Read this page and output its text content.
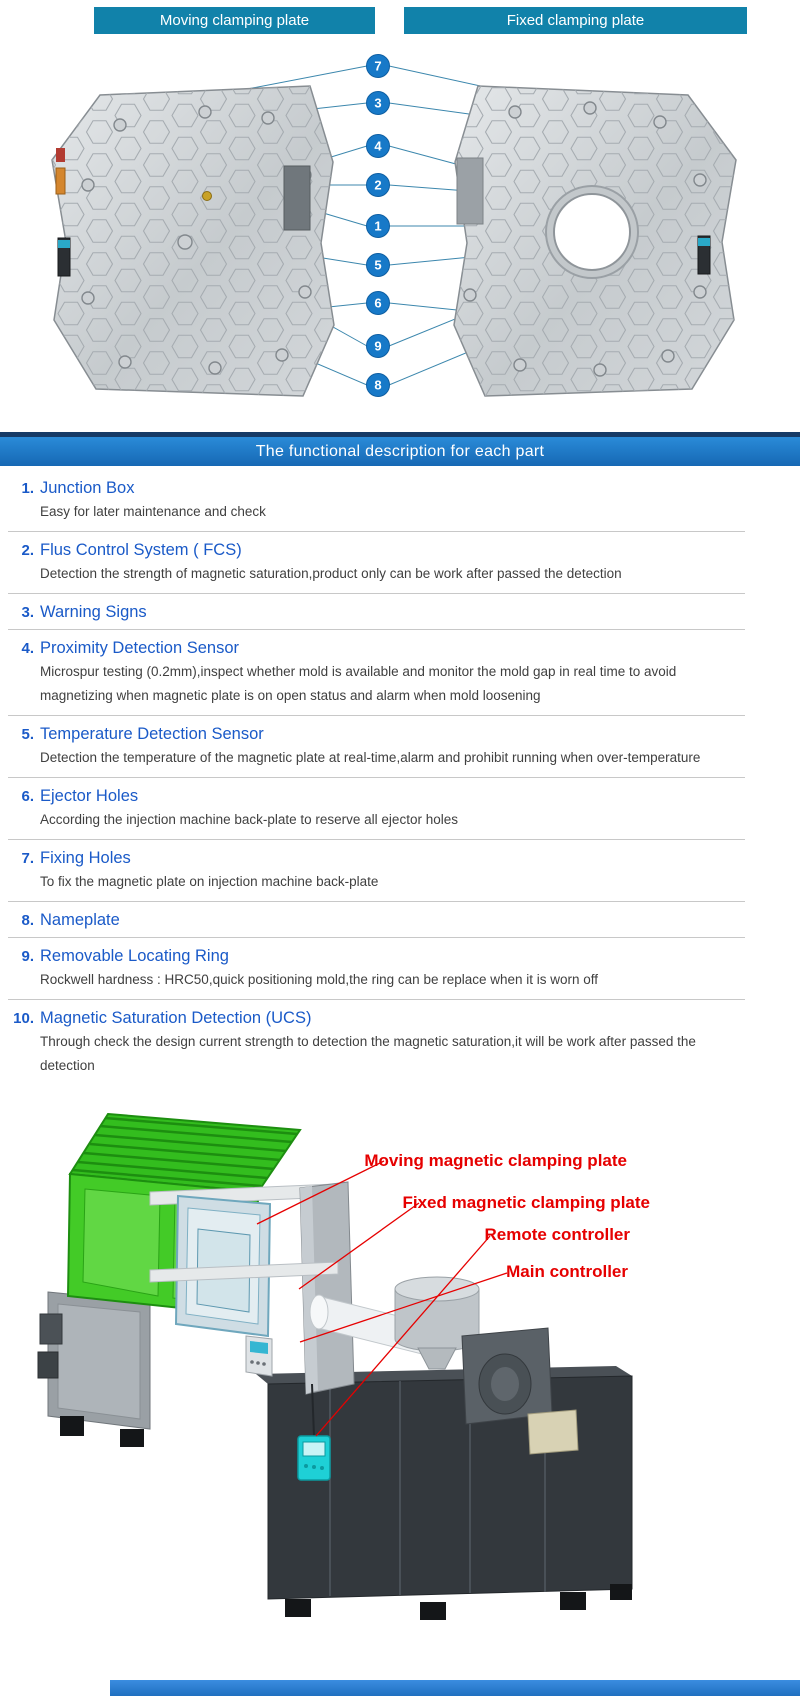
7
3
4
2
1
5
6
9
8
Moving clamping plate	Fixed clamping plate
The functional description for each part
1. Junction Box
Easy for later maintenance and check
2. Flus Control System ( FCS)
Detection the strength of magnetic saturation,product only can be work after passed the detection
3. Warning Signs
4. Proximity Detection Sensor
Microspur testing (0.2mm),inspect whether mold is available and monitor the mold gap in real time to avoid magnetizing when magnetic plate is on open status and alarm when mold loosening
5. Temperature Detection Sensor
Detection the temperature of the magnetic plate at real-time,alarm and prohibit running when over-temperature
6. Ejector Holes
According the injection machine back-plate to reserve all ejector holes
7. Fixing Holes
To fix the magnetic plate on injection machine back-plate
8. Nameplate
9. Removable Locating Ring
Rockwell hardness : HRC50,quick positioning mold,the ring can be replace when it is worn off
10. Magnetic Saturation Detection (UCS)
Through check the design current strength to detection the magnetic saturation,it will be work after passed the detection
Moving magnetic clamping plate
Fixed magnetic clamping plate
Remote controller
Main controller
